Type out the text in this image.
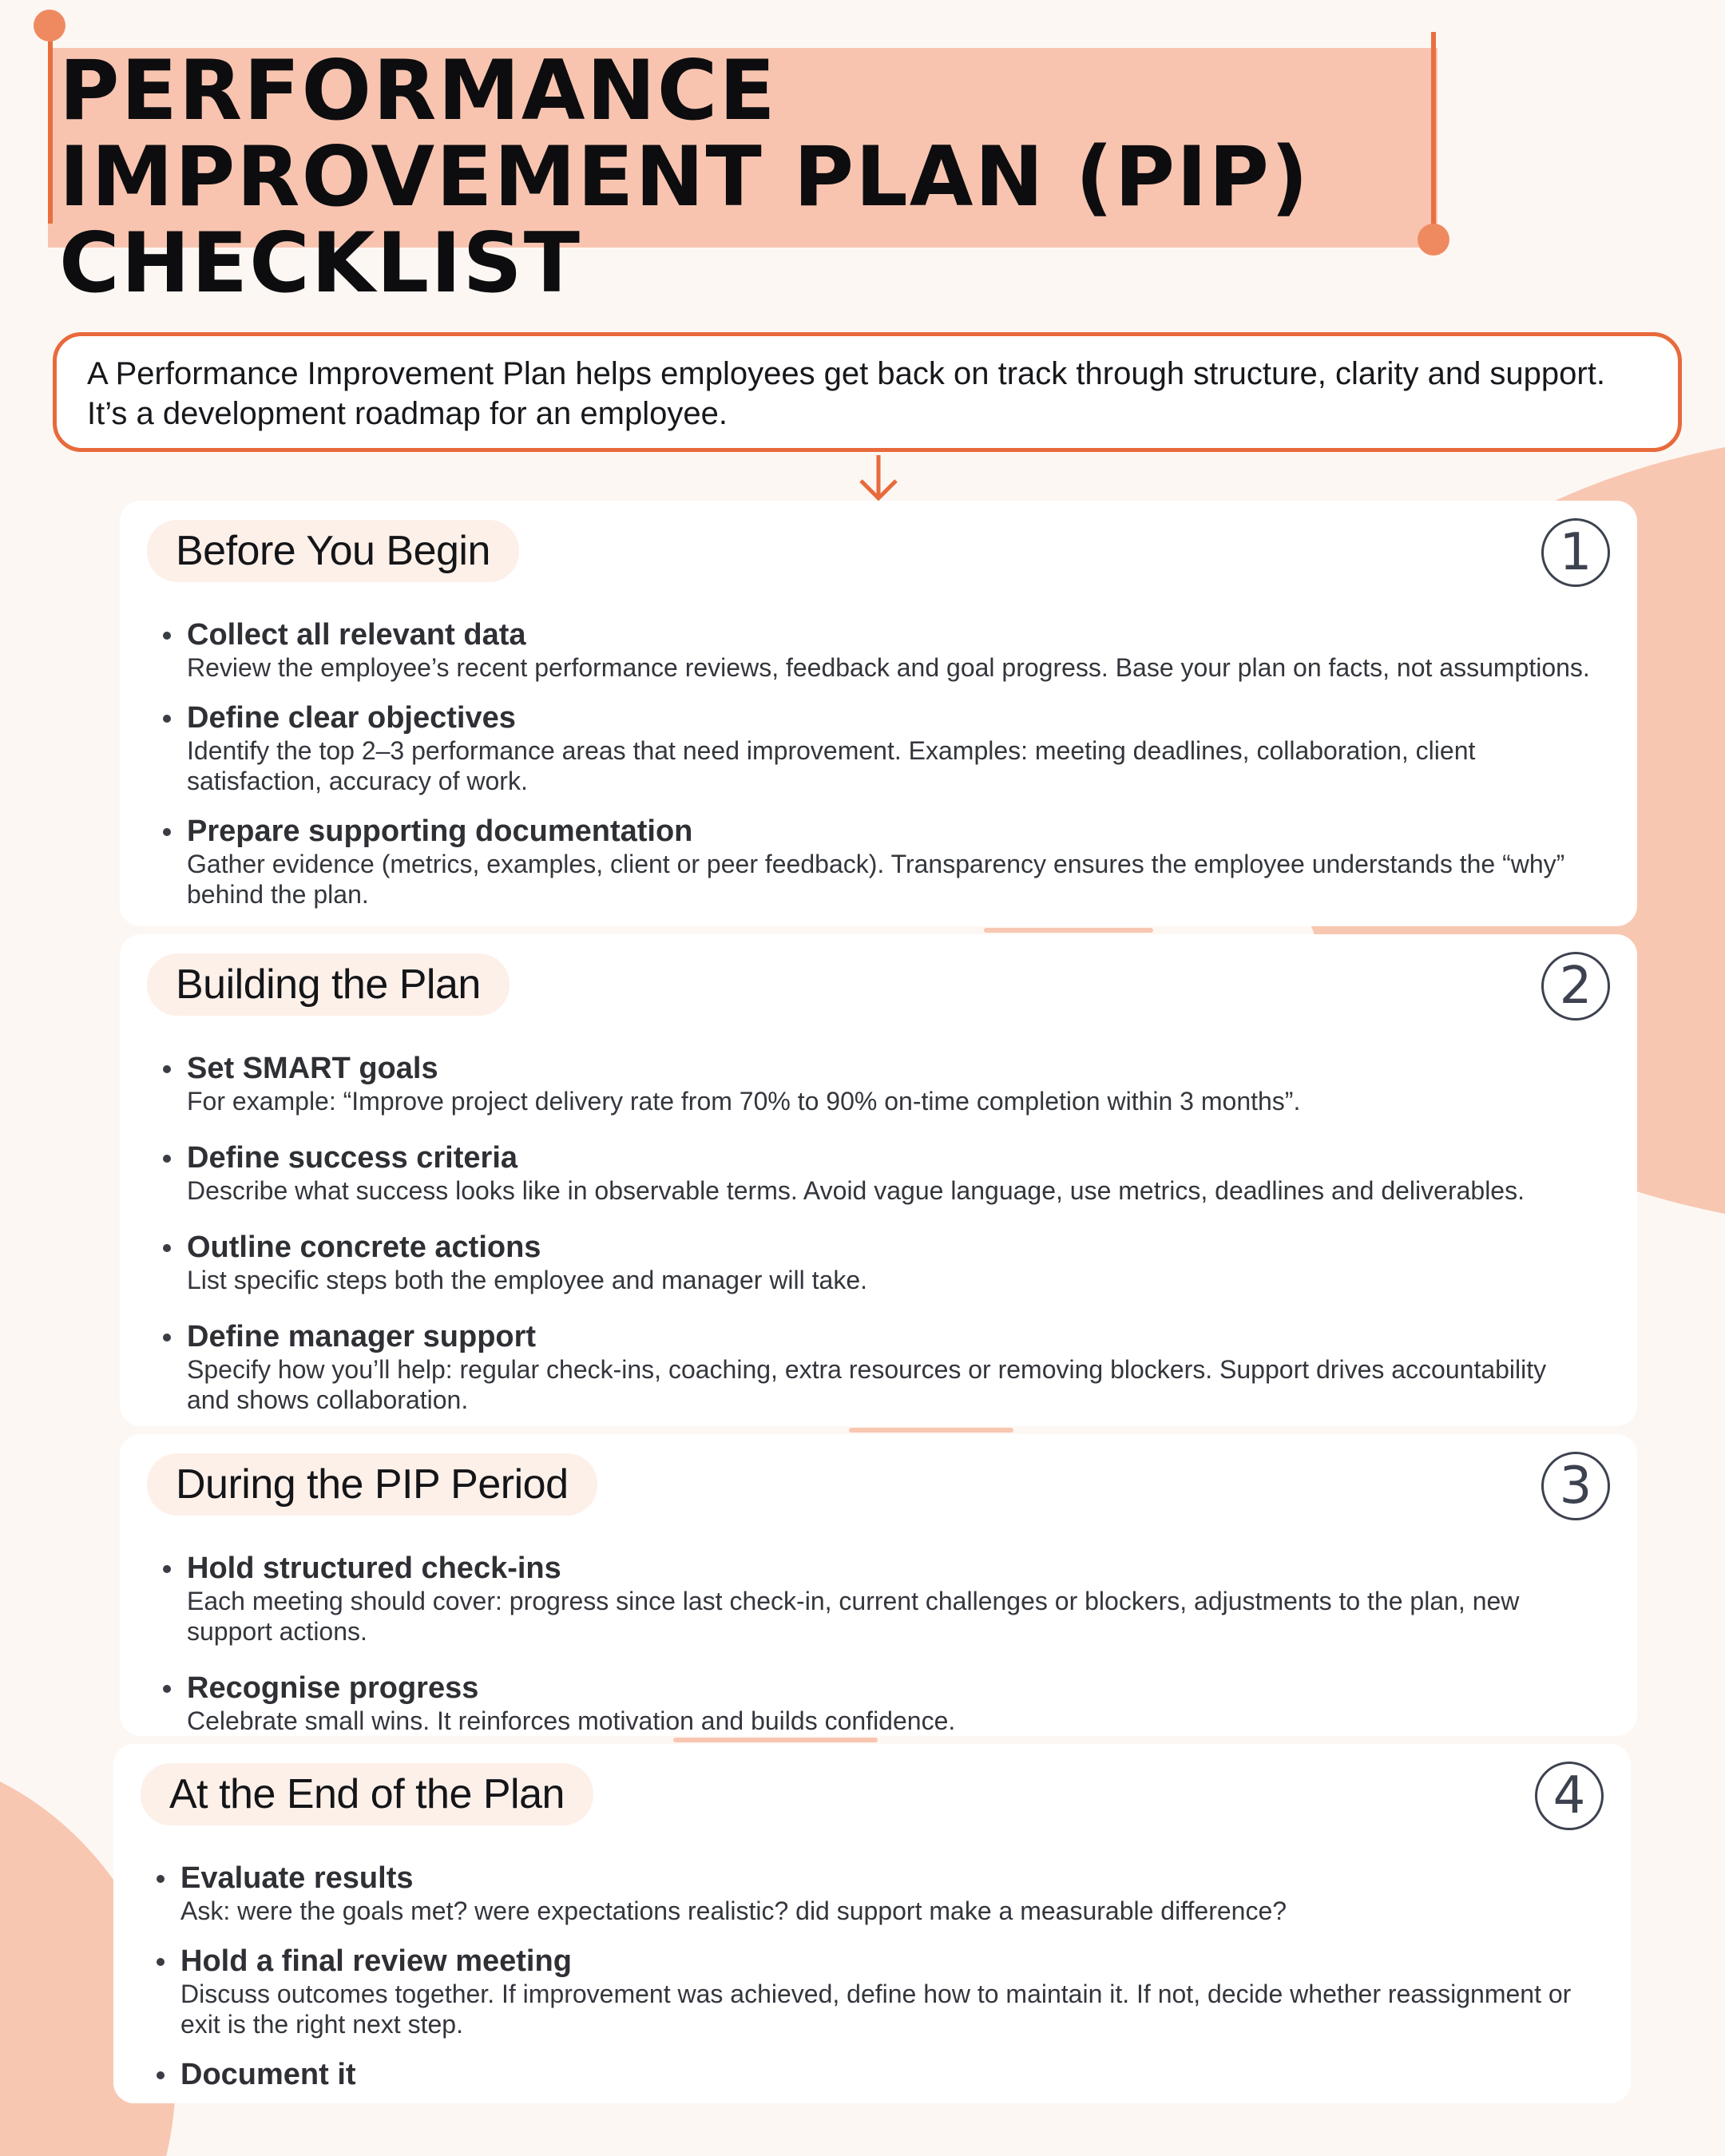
PERFORMANCE
IMPROVEMENT PLAN (PIP)
CHECKLIST
A Performance Improvement Plan helps employees get back on track through structure, clarity and support. It’s a development roadmap for an employee.
Before You Begin	1
Collect all relevant data
Review the employee’s recent performance reviews, feedback and goal progress. Base your plan on facts, not assumptions.
Define clear objectives
Identify the top 2–3 performance areas that need improvement. Examples: meeting deadlines, collaboration, client satisfaction, accuracy of work.
Prepare supporting documentation
Gather evidence (metrics, examples, client or peer feedback). Transparency ensures the employee understands the “why” behind the plan.
Building the Plan	2
Set SMART goals
For example: “Improve project delivery rate from 70% to 90% on-time completion within 3 months”.
Define success criteria
Describe what success looks like in observable terms. Avoid vague language, use metrics, deadlines and deliverables.
Outline concrete actions
List specific steps both the employee and manager will take.
Define manager support
Specify how you’ll help: regular check-ins, coaching, extra resources or removing blockers. Support drives accountability and shows collaboration.
During the PIP Period	3
Hold structured check-ins
Each meeting should cover: progress since last check-in, current challenges or blockers, adjustments to the plan, new support actions.
Recognise progress
Celebrate small wins. It reinforces motivation and builds confidence.
At the End of the Plan	4
Evaluate results
Ask: were the goals met? were expectations realistic? did support make a measurable difference?
Hold a final review meeting
Discuss outcomes together. If improvement was achieved, define how to maintain it. If not, decide whether reassignment or exit is the right next step.
Document it
